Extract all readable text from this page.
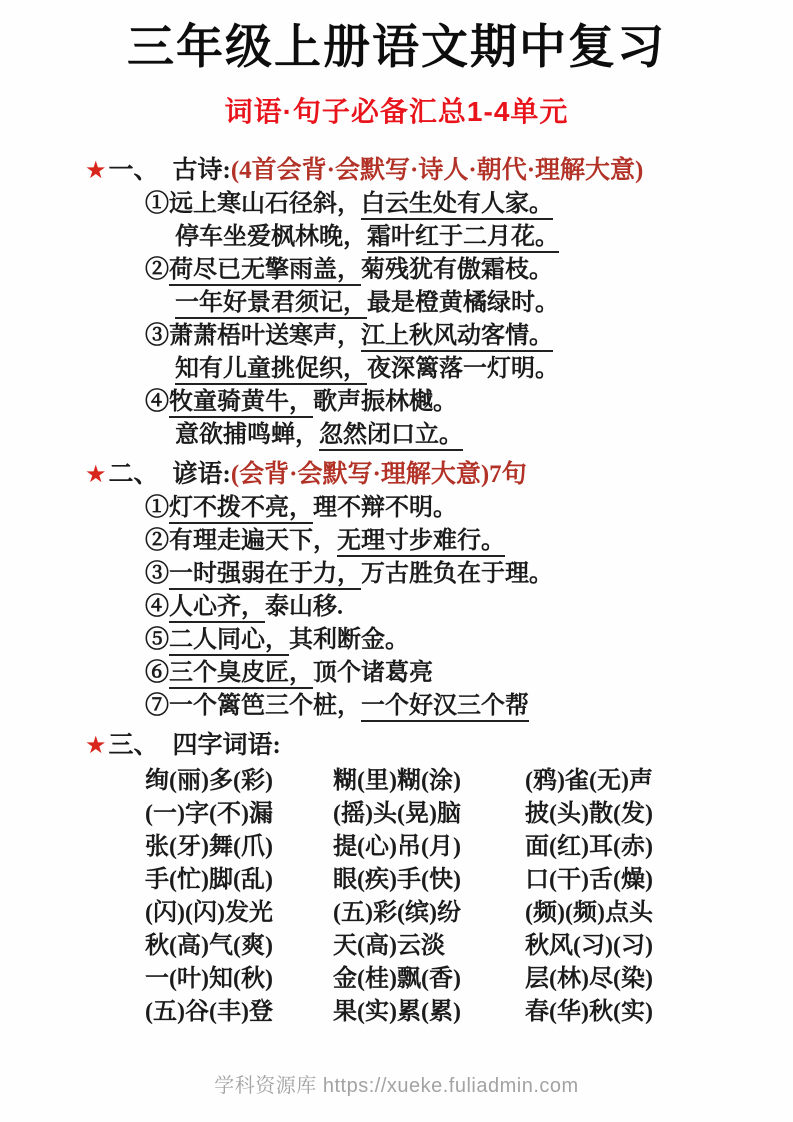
三年级上册语文期中复习
词语·句子必备汇总1-4单元
★一、 古诗:(4首会背·会默写·诗人·朝代·理解大意)
①远上寒山石径斜，白云生处有人家。
停车坐爱枫林晚，霜叶红于二月花。
②荷尽已无擎雨盖，菊残犹有傲霜枝。
一年好景君须记，最是橙黄橘绿时。
③萧萧梧叶送寒声，江上秋风动客情。
知有儿童挑促织，夜深篱落一灯明。
④牧童骑黄牛，歌声振林樾。
意欲捕鸣蝉，忽然闭口立。
★二、 谚语:(会背·会默写·理解大意)7句
①灯不拨不亮，理不辩不明。
②有理走遍天下，无理寸步难行。
③一时强弱在于力，万古胜负在于理。
④人心齐，泰山移.
⑤二人同心，其利断金。
⑥三个臭皮匠，顶个诸葛亮
⑦一个篱笆三个桩，一个好汉三个帮
★三、 四字词语:
绚(丽)多(彩)	糊(里)糊(涂)	(鸦)雀(无)声
(一)字(不)漏	(摇)头(晃)脑	披(头)散(发)
张(牙)舞(爪)	提(心)吊(月)	面(红)耳(赤)
手(忙)脚(乱)	眼(疾)手(快)	口(干)舌(燥)
(闪)(闪)发光	(五)彩(缤)纷	(频)(频)点头
秋(高)气(爽)	天(高)云淡	秋风(习)(习)
一(叶)知(秋)	金(桂)飘(香)	层(林)尽(染)
(五)谷(丰)登	果(实)累(累)	春(华)秋(实)
学科资源库 https://xueke.fuliadmin.com
